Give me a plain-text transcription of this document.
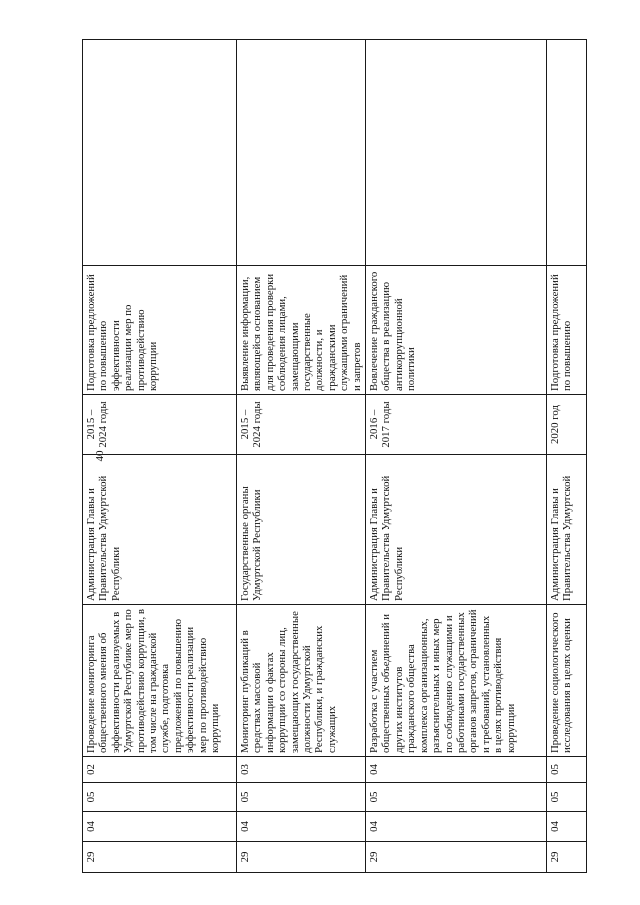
40
29	04	05	02	Проведение мониторинга общественного мнения об эффективности реализуемых в Удмуртской Республике мер по противодействию коррупции, в том числе на гражданской службе, подготовка предложений по повышению эффективности реализации мер по противодействию коррупции	Администрация Главы и Правительства Удмуртской Республики	2015 – 2024 годы	Подготовка предложений по повышению эффективности реализации мер по противодействию коррупции	
29	04	05	03	Мониторинг публикаций в средствах массовой информации о фактах коррупции со стороны лиц, замещающих государственные должности Удмуртской Республики, и гражданских служащих	Государственные органы Удмуртской Республики	2015 – 2024 годы	Выявление информации, являющейся основанием для проведения проверки соблюдения лицами, замещающими государственные должности, и гражданскими служащими ограничений и запретов	
29	04	05	04	Разработка с участием общественных объединений и других институтов гражданского общества комплекса организационных, разъяснительных и иных мер по соблюдению служащими и работниками государственных органов запретов, ограничений и требований, установленных в целях противодействия коррупции	Администрация Главы и Правительства Удмуртской Республики	2016 – 2017 годы	Вовлечение гражданского общества в реализацию антикоррупционной политики	
29	04	05	05	Проведение социологического исследования в целях оценки	Администрация Главы и Правительства Удмуртской	2020 год	Подготовка предложений по повышению	
